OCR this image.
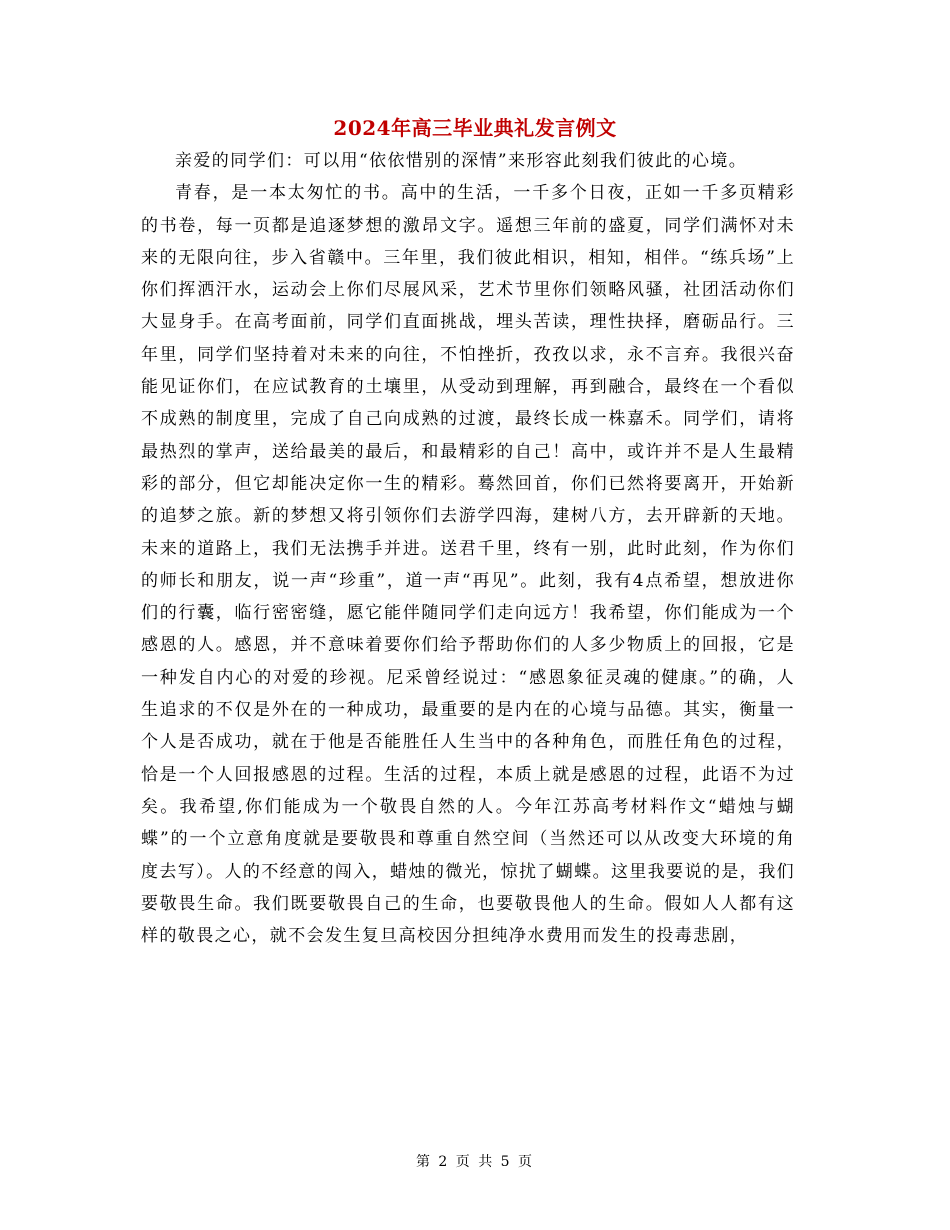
2024年高三毕业典礼发言例文

亲爱的同学们：可以用“依依惜别的深情”来形容此刻我们彼此的心境。

青春，是一本太匆忙的书。高中的生活，一千多个日夜，正如一千多页精彩的书卷，每一页都是追逐梦想的激昂文字。遥想三年前的盛夏，同学们满怀对未来的无限向往，步入省赣中。三年里，我们彼此相识，相知，相伴。“练兵场”上你们挥洒汗水，运动会上你们尽展风采，艺术节里你们领略风骚，社团活动你们大显身手。在高考面前，同学们直面挑战，埋头苦读，理性抉择，磨砺品行。三年里，同学们坚持着对未来的向往，不怕挫折，孜孜以求，永不言弃。我很兴奋能见证你们，在应试教育的土壤里，从受动到理解，再到融合，最终在一个看似不成熟的制度里，完成了自己向成熟的过渡，最终长成一株嘉禾。同学们，请将最热烈的掌声，送给最美的最后，和最精彩的自己！高中，或许并不是人生最精彩的部分，但它却能决定你一生的精彩。蓦然回首，你们已然将要离开，开始新的追梦之旅。新的梦想又将引领你们去游学四海，建树八方，去开辟新的天地。未来的道路上，我们无法携手并进。送君千里，终有一别，此时此刻，作为你们的师长和朋友，说一声“珍重”，道一声“再见”。此刻，我有4点希望，想放进你们的行囊，临行密密缝，愿它能伴随同学们走向远方！我希望，你们能成为一个感恩的人。感恩，并不意味着要你们给予帮助你们的人多少物质上的回报，它是一种发自内心的对爱的珍视。尼采曾经说过：“感恩象征灵魂的健康。”的确，人生追求的不仅是外在的一种成功，最重要的是内在的心境与品德。其实，衡量一个人是否成功，就在于他是否能胜任人生当中的各种角色，而胜任角色的过程，恰是一个人回报感恩的过程。生活的过程，本质上就是感恩的过程，此语不为过矣。我希望,你们能成为一个敬畏自然的人。今年江苏高考材料作文“蜡烛与蝴蝶”的一个立意角度就是要敬畏和尊重自然空间（当然还可以从改变大环境的角度去写）。人的不经意的闯入，蜡烛的微光，惊扰了蝴蝶。这里我要说的是，我们要敬畏生命。我们既要敬畏自己的生命，也要敬畏他人的生命。假如人人都有这样的敬畏之心，就不会发生复旦高校因分担纯净水费用而发生的投毒悲剧，

第 2 页 共 5 页
